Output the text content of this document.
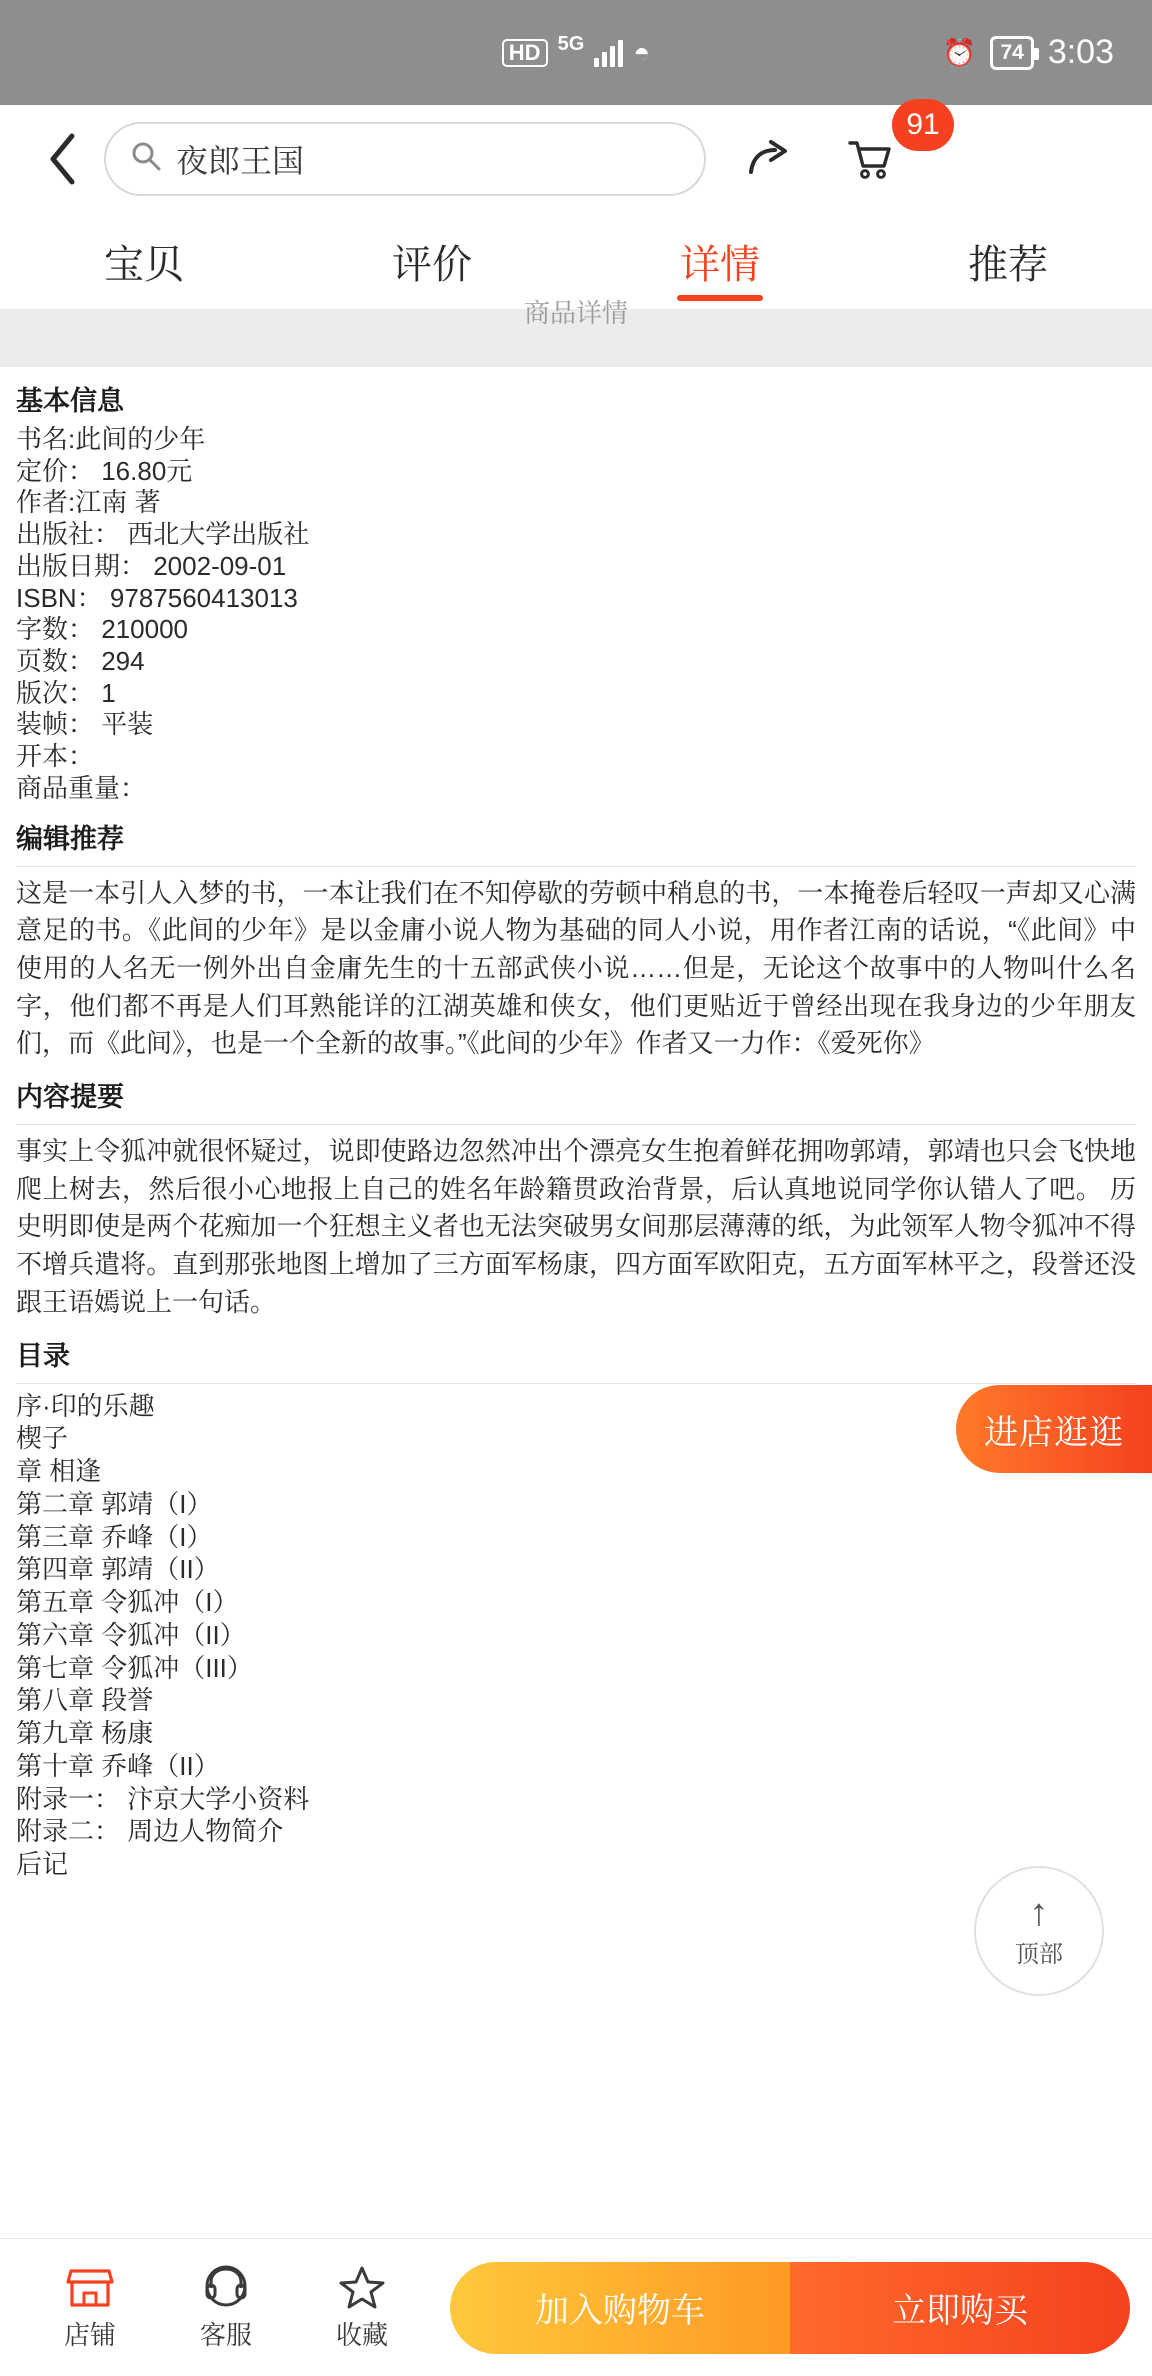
HD 5G ◓	⏰	74 3:03
夜郎王国
91
宝贝	评价	详情	推荐
商品详情
基本信息
书名:此间的少年
定价： 16.80元
作者:江南 著
出版社： 西北大学出版社
出版日期： 2002-09-01
ISBN： 9787560413013
字数： 210000
页数： 294
版次： 1
装帧： 平装
开本：
商品重量：
编辑推荐
这是一本引人入梦的书，一本让我们在不知停歇的劳顿中稍息的书，一本掩卷后轻叹一声却又心满意足的书。《此间的少年》是以金庸小说人物为基础的同人小说，用作者江南的话说，“《此间》中使用的人名无一例外出自金庸先生的十五部武侠小说……但是，无论这个故事中的人物叫什么名字，他们都不再是人们耳熟能详的江湖英雄和侠女，他们更贴近于曾经出现在我身边的少年朋友们，而《此间》，也是一个全新的故事。”《此间的少年》作者又一力作：《爱死你》
内容提要
事实上令狐冲就很怀疑过，说即使路边忽然冲出个漂亮女生抱着鲜花拥吻郭靖，郭靖也只会飞快地爬上树去，然后很小心地报上自己的姓名年龄籍贯政治背景，后认真地说同学你认错人了吧。 历史明即使是两个花痴加一个狂想主义者也无法突破男女间那层薄薄的纸，为此领军人物令狐冲不得不增兵遣将。直到那张地图上增加了三方面军杨康，四方面军欧阳克，五方面军林平之，段誉还没跟王语嫣说上一句话。
目录
序·印的乐趣
楔子
章 相逢
第二章 郭靖（I）
第三章 乔峰（I）
第四章 郭靖（II）
第五章 令狐冲（I）
第六章 令狐冲（II）
第七章 令狐冲（III）
第八章 段誉
第九章 杨康
第十章 乔峰（II）
附录一： 汴京大学小资料
附录二： 周边人物简介
后记
进店逛逛
↑
顶部
店铺	客服	收藏
加入购物车	立即购买
